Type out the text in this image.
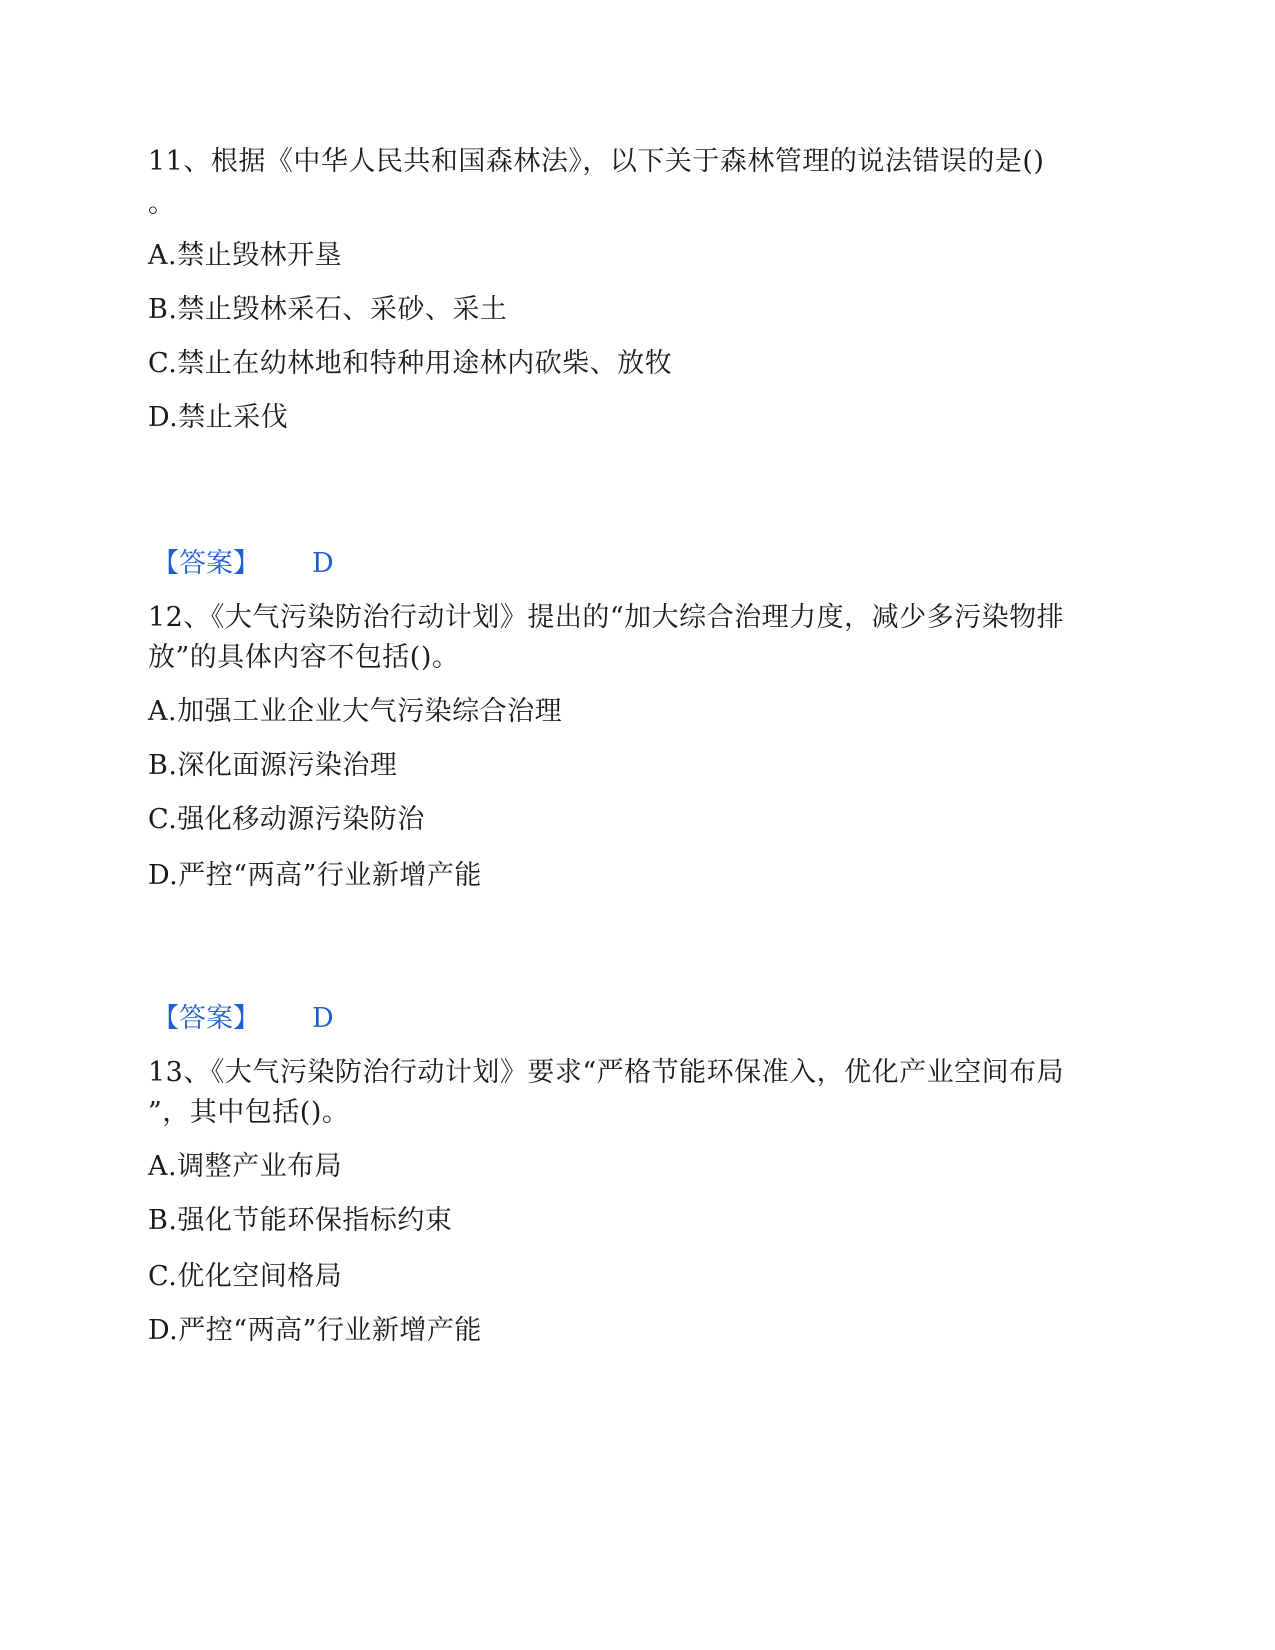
11、根据《中华人民共和国森林法》，以下关于森林管理的说法错误的是()
。
A.禁止毁林开垦
B.禁止毁林采石、采砂、采土
C.禁止在幼林地和特种用途林内砍柴、放牧
D.禁止采伐
【答案】 D
12、《大气污染防治行动计划》提出的“加大综合治理力度，减少多污染物排
放”的具体内容不包括()。
A.加强工业企业大气污染综合治理
B.深化面源污染治理
C.强化移动源污染防治
D.严控“两高”行业新增产能
【答案】 D
13、《大气污染防治行动计划》要求“严格节能环保准入，优化产业空间布局
”，其中包括()。
A.调整产业布局
B.强化节能环保指标约束
C.优化空间格局
D.严控“两高”行业新增产能
